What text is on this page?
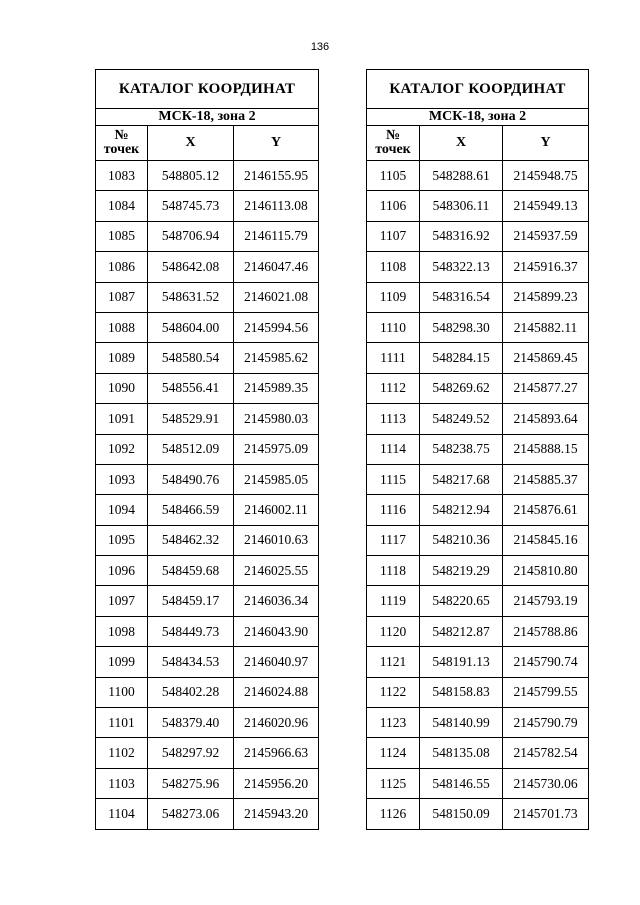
136
КАТАЛОГ КООРДИНАТ		
МСК-18, зона 2		
№
точек	X	Y
1083	548805.12	2146155.95
1084	548745.73	2146113.08
1085	548706.94	2146115.79
1086	548642.08	2146047.46
1087	548631.52	2146021.08
1088	548604.00	2145994.56
1089	548580.54	2145985.62
1090	548556.41	2145989.35
1091	548529.91	2145980.03
1092	548512.09	2145975.09
1093	548490.76	2145985.05
1094	548466.59	2146002.11
1095	548462.32	2146010.63
1096	548459.68	2146025.55
1097	548459.17	2146036.34
1098	548449.73	2146043.90
1099	548434.53	2146040.97
1100	548402.28	2146024.88
1101	548379.40	2146020.96
1102	548297.92	2145966.63
1103	548275.96	2145956.20
1104	548273.06	2145943.20
КАТАЛОГ КООРДИНАТ		
МСК-18, зона 2		
№
точек	X	Y
1105	548288.61	2145948.75
1106	548306.11	2145949.13
1107	548316.92	2145937.59
1108	548322.13	2145916.37
1109	548316.54	2145899.23
1110	548298.30	2145882.11
1111	548284.15	2145869.45
1112	548269.62	2145877.27
1113	548249.52	2145893.64
1114	548238.75	2145888.15
1115	548217.68	2145885.37
1116	548212.94	2145876.61
1117	548210.36	2145845.16
1118	548219.29	2145810.80
1119	548220.65	2145793.19
1120	548212.87	2145788.86
1121	548191.13	2145790.74
1122	548158.83	2145799.55
1123	548140.99	2145790.79
1124	548135.08	2145782.54
1125	548146.55	2145730.06
1126	548150.09	2145701.73
